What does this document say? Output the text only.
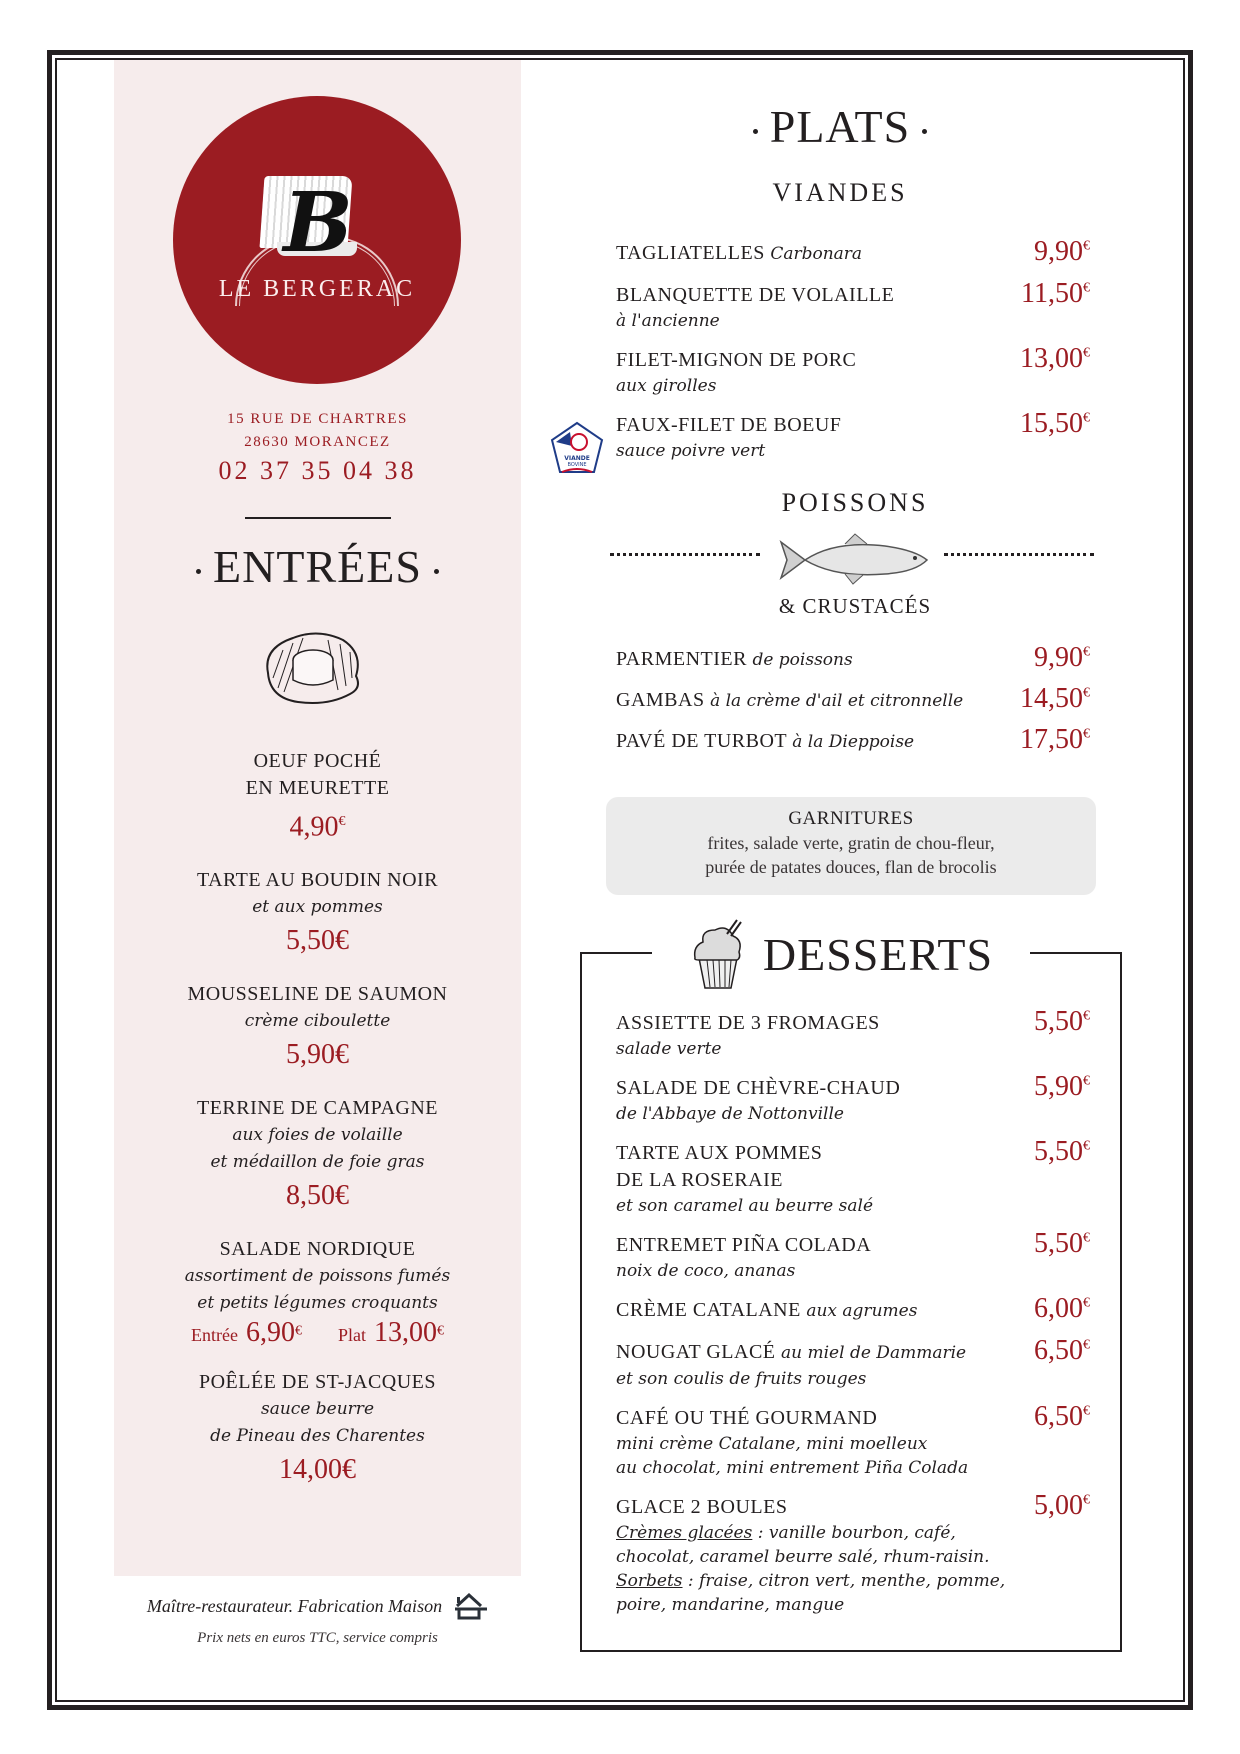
B
LE BERGERAC
15 RUE DE CHARTRES
28630 MORANCEZ
02 37 35 04 38
ENTRÉES
OEUF POCHÉ
EN MEURETTE
4,90€
TARTE AU BOUDIN NOIR
et aux pommes
5,50€
MOUSSELINE DE SAUMON
crème ciboulette
5,90€
TERRINE DE CAMPAGNE
aux foies de volaille
et médaillon de foie gras
8,50€
SALADE NORDIQUE
assortiment de poissons fumés
et petits légumes croquants
Entrée 6,90€ Plat 13,00€
POÊLÉE DE ST-JACQUES
sauce beurre
de Pineau des Charentes
14,00€
Maître-restaurateur. Fabrication Maison
Prix nets en euros TTC, service compris
PLATS
VIANDES
TAGLIATELLES Carbonara	9,90€
BLANQUETTE DE VOLAILLE
à l'ancienne
11,50€
FILET-MIGNON DE PORC
aux girolles
13,00€
FAUX-FILET DE BOEUF
sauce poivre vert
15,50€
VIANDE
BOVINE
POISSONS
& CRUSTACÉS
PARMENTIER de poissons	9,90€
GAMBAS à la crème d'ail et citronnelle	14,50€
PAVÉ DE TURBOT à la Dieppoise	17,50€
GARNITURES
frites, salade verte, gratin de chou-fleur,
purée de patates douces, flan de brocolis
DESSERTS
ASSIETTE DE 3 FROMAGES
salade verte
5,50€
SALADE DE CHÈVRE-CHAUD
de l'Abbaye de Nottonville
5,90€
TARTE AUX POMMES
DE LA ROSERAIE
et son caramel au beurre salé
5,50€
ENTREMET PIÑA COLADA
noix de coco, ananas
5,50€
CRÈME CATALANE aux agrumes	6,00€
NOUGAT GLACÉ au miel de Dammarie
et son coulis de fruits rouges
6,50€
CAFÉ OU THÉ GOURMAND
mini crème Catalane, mini moelleux
au chocolat, mini entrement Piña Colada
6,50€
GLACE 2 BOULES
Crèmes glacées : vanille bourbon, café,
chocolat, caramel beurre salé, rhum-raisin.
Sorbets : fraise, citron vert, menthe, pomme,
poire, mandarine, mangue
5,00€
